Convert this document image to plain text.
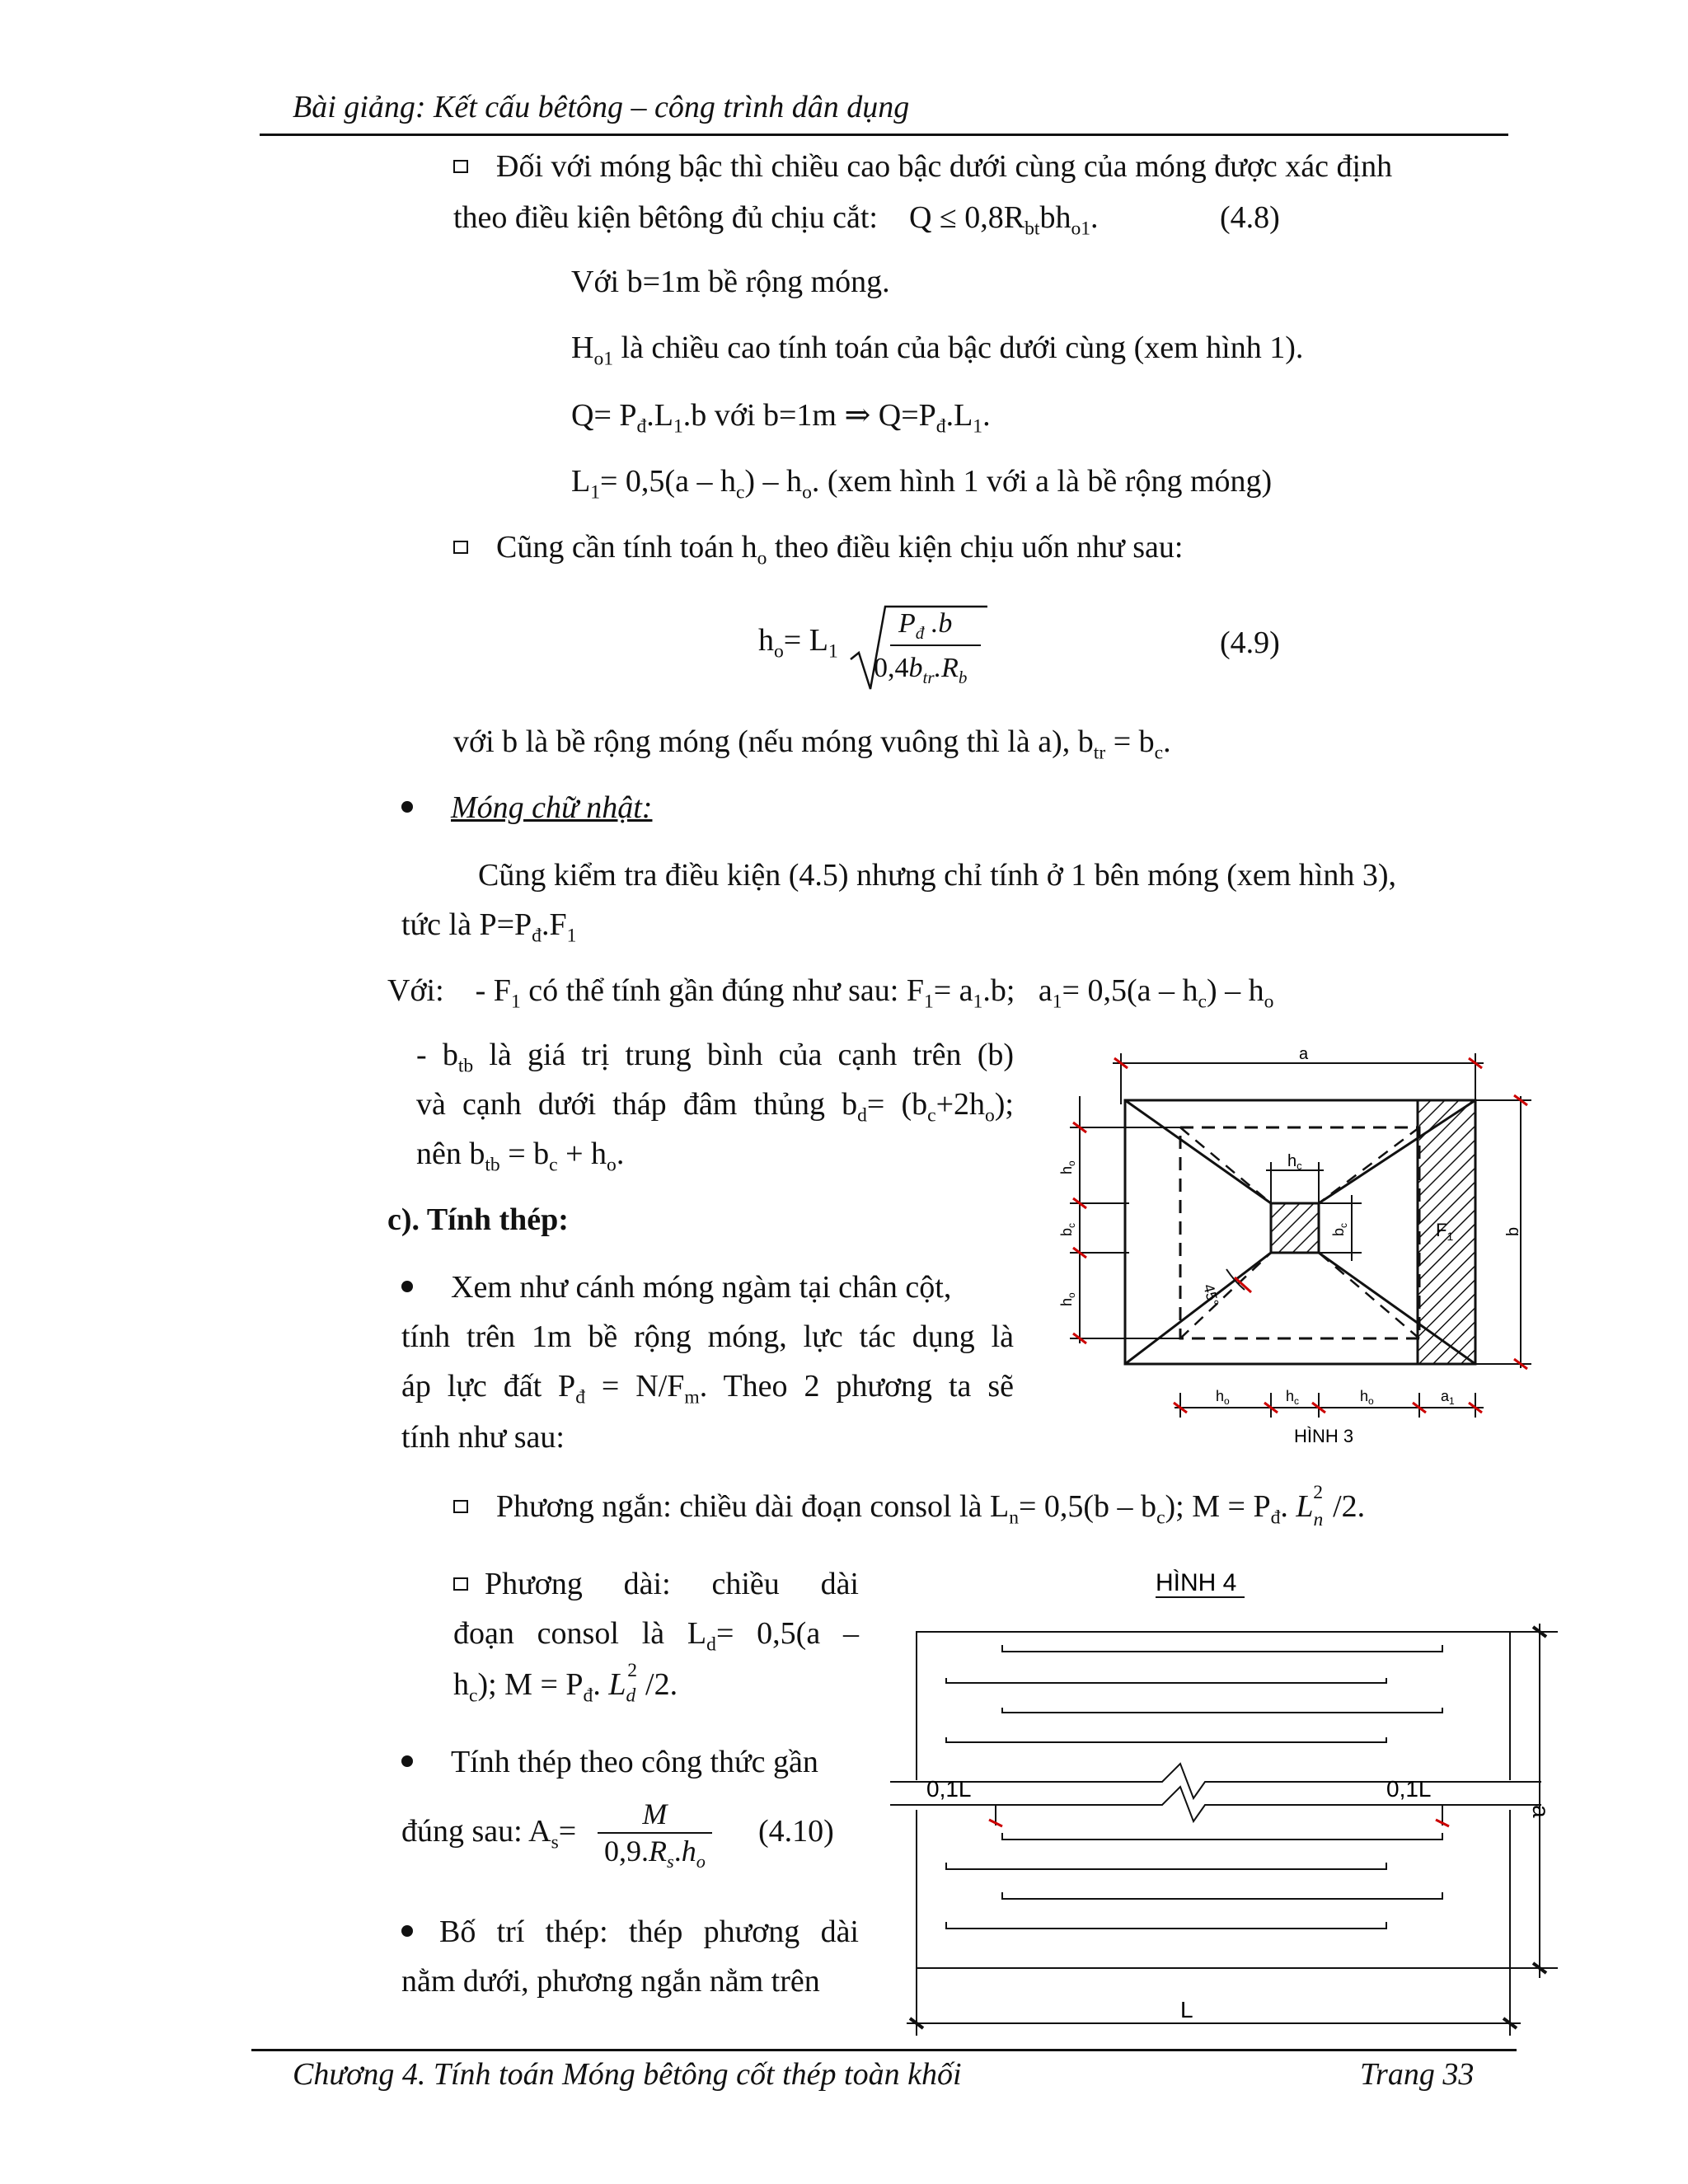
Bài giảng: Kết cấu bêtông – công trình dân dụng
Đối với móng bậc thì chiều cao bậc dưới cùng của móng được xác định
theo điều kiện bêtông đủ chịu cắt:    $Q \le 0,8R_{bt}bh_{o1}$.	(4.8)
Với b=1m bề rộng móng.
$H_{o1}$ là chiều cao tính toán của bậc dưới cùng (xem hình 1).
$Q= P_đ.L_1.b$ với b=1m ⇒ $Q=P_đ.L_1$.
$L_1= 0,5(a - h_c) - h_o$. (xem hình 1 với a là bề rộng móng)
Cũng cần tính toán $h_o$ theo điều kiện chịu uốn như sau:
$h_o= L_1$
$P_đ$ .b
$0,4b_{tr}.R_b$
(4.9)
với b là bề rộng móng (nếu móng vuông thì là a), $b_{tr} = b_c$.
Móng chữ nhật:
Cũng kiểm tra điều kiện (4.5) nhưng chỉ tính ở 1 bên móng (xem hình 3),
tức là $P=P_đ.F_1$
Với: - $F_1$ có thể tính gần đúng như sau: $F_1= a_1.b$;   $a_1= 0,5(a - h_c) - h_o$
- $b_{tb}$ là giá trị trung bình của cạnh trên (b)
và cạnh dưới tháp đâm thủng $b_d= (b_c+2h_o)$;
nên $b_{tb} = b_c + h_o$.
c). Tính thép:
Xem như cánh móng ngàm tại chân cột,
tính trên 1m bề rộng móng, lực tác dụng là
áp lực đất $P_đ = N/F_m$. Theo 2 phương ta sẽ
tính như sau:
Phương ngắn: chiều dài đoạn consol là $L_n= 0,5(b - b_c)$; $M = P_đ$. $L_n^2$ /2.
Phương dài: chiều dài
đoạn consol là $L_d= 0,5(a$ –
$h_c$); $M = P_đ$. $L_d^2$ /2.
Tính thép theo công thức gần
đúng sau: $A_s= \frac{M}{0,9.R_s.h_o} (4.10)$
Bố trí thép: thép phương dài
nằm dưới, phương ngắn nằm trên
a
$h_c$
$b_c$	$F_1$
45°
$h_o$
$b_c$
$h_o$
b
$h_o$	$h_c$	$h_o$	$a_1$
HÌNH 3
HÌNH 4
0,1L	0,1L
a
L
Chương 4. Tính toán Móng bêtông cốt thép toàn khối	Trang 33
